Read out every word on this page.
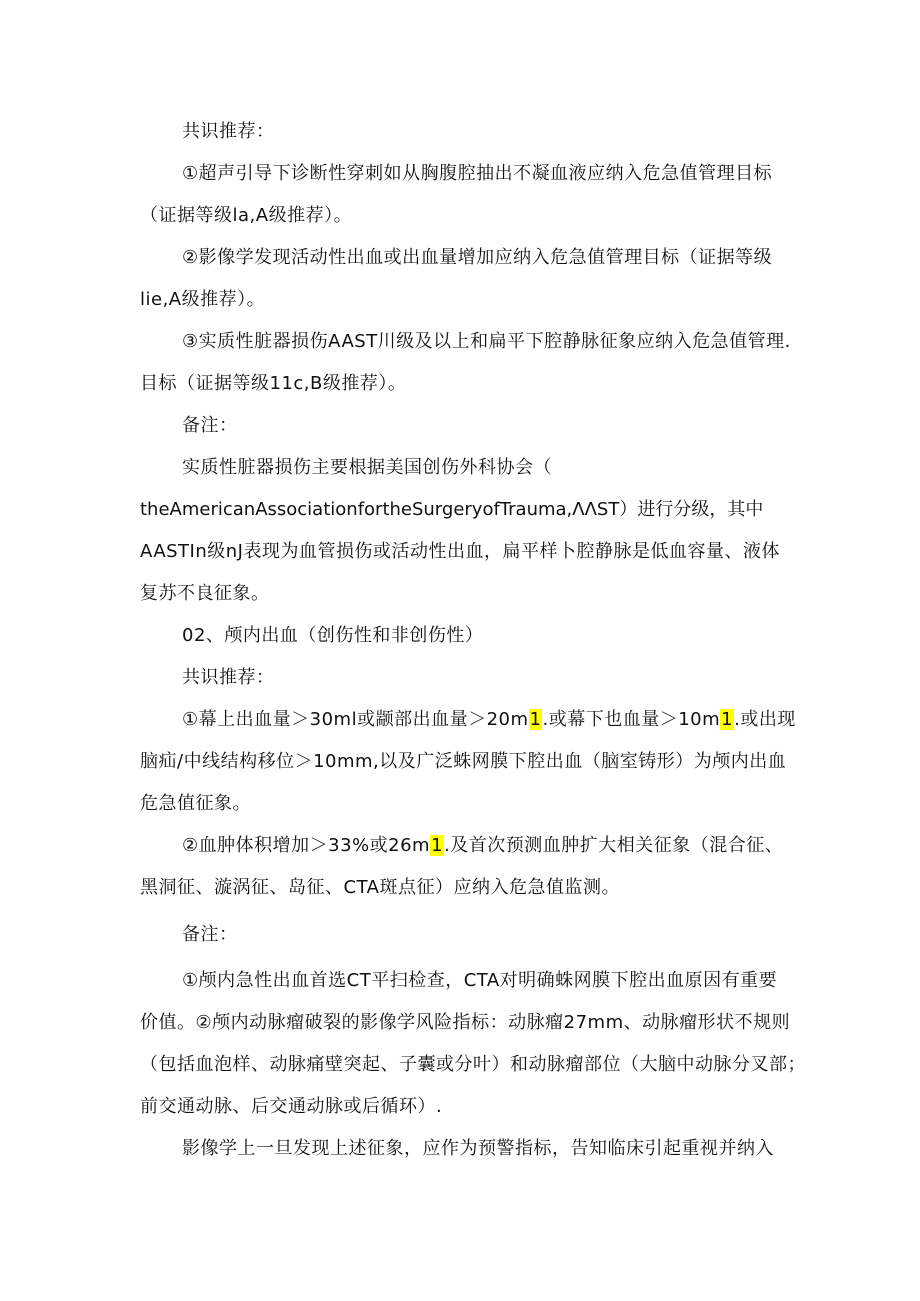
共识推荐：
①超声引导下诊断性穿刺如从胸腹腔抽出不凝血液应纳入危急值管理目标
（证据等级la,A级推荐）。
②影像学发现活动性出血或出血量增加应纳入危急值管理目标（证据等级
lie,A级推荐）。
③实质性脏器损伤AAST川级及以上和扁平下腔静脉征象应纳入危急值管理.
目标（证据等级11c,B级推荐）。
备注：
实质性脏器损伤主要根据美国创伤外科协会（
theAmericanAssociationfortheSurgeryofTrauma,ΛΛST）进行分级，其中
AASTIn级nJ表现为血管损伤或活动性出血，扁平样卜腔静脉是低血容量、液体
复苏不良征象。
02、颅内出血（创伤性和非创伤性）
共识推荐：
①幕上出血量＞30ml或颛部出血量＞20m1.或幕下也血量＞10m1.或出现
脑疝/中线结构移位＞10mm,以及广泛蛛网膜下腔出血（脑室铸形）为颅内出血
危急值征象。
②血肿体积增加＞33%或26m1.及首次预测血肿扩大相关征象（混合征、
黑洞征、漩涡征、岛征、CTA斑点征）应纳入危急值监测。
备注：
①颅内急性出血首选CT平扫检查，CTA对明确蛛网膜下腔出血原因有重要
价值。②颅内动脉瘤破裂的影像学风险指标：动脉瘤27mm、动脉瘤形状不规则
（包括血泡样、动脉痛壁突起、子囊或分叶）和动脉瘤部位（大脑中动脉分叉部；
前交通动脉、后交通动脉或后循环）.
影像学上一旦发现上述征象，应作为预警指标，告知临床引起重视并纳入
